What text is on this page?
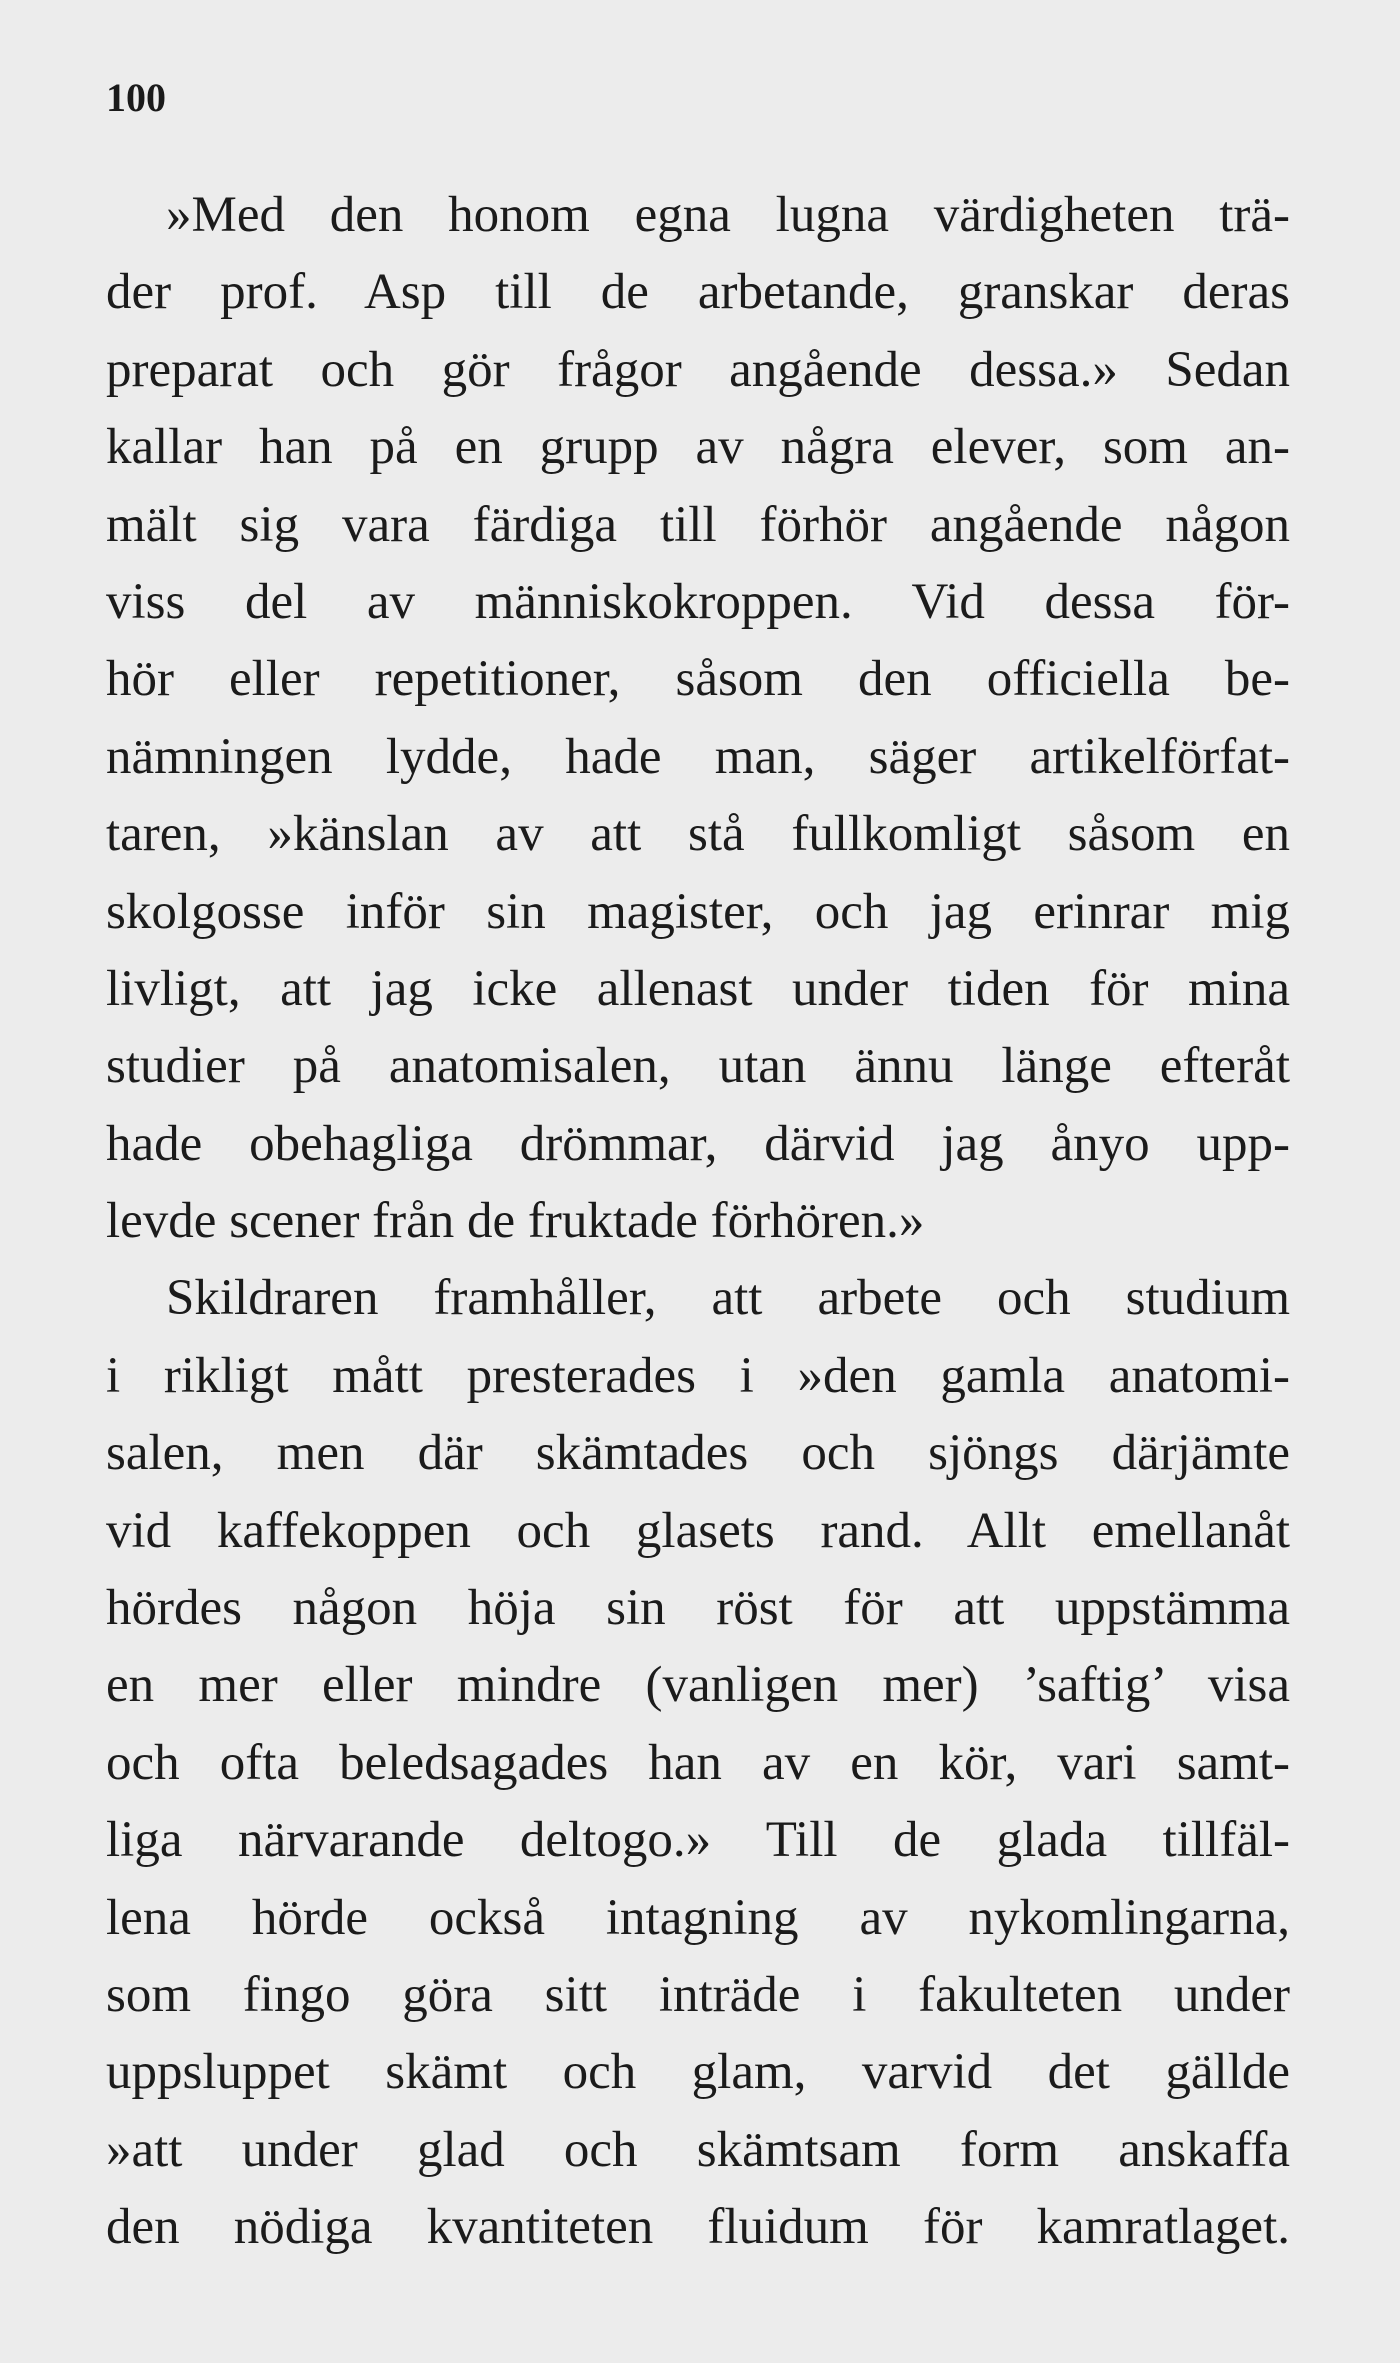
100
»Med den honom egna lugna värdigheten trä-
der prof. Asp till de arbetande, granskar deras
preparat och gör frågor angående dessa.» Sedan
kallar han på en grupp av några elever, som an-
mält sig vara färdiga till förhör angående någon
viss del av människokroppen. Vid dessa för-
hör eller repetitioner, såsom den officiella be-
nämningen lydde, hade man, säger artikelförfat-
taren, »känslan av att stå fullkomligt såsom en
skolgosse inför sin magister, och jag erinrar mig
livligt, att jag icke allenast under tiden för mina
studier på anatomisalen, utan ännu länge efteråt
hade obehagliga drömmar, därvid jag ånyo upp-
levde scener från de fruktade förhören.»
Skildraren framhåller, att arbete och studium
i rikligt mått presterades i »den gamla anatomi-
salen, men där skämtades och sjöngs därjämte
vid kaffekoppen och glasets rand. Allt emellanåt
hördes någon höja sin röst för att uppstämma
en mer eller mindre (vanligen mer) ’saftig’ visa
och ofta beledsagades han av en kör, vari samt-
liga närvarande deltogo.» Till de glada tillfäl-
lena hörde också intagning av nykomlingarna,
som fingo göra sitt inträde i fakulteten under
uppsluppet skämt och glam, varvid det gällde
»att under glad och skämtsam form anskaffa
den nödiga kvantiteten fluidum för kamratlaget.
